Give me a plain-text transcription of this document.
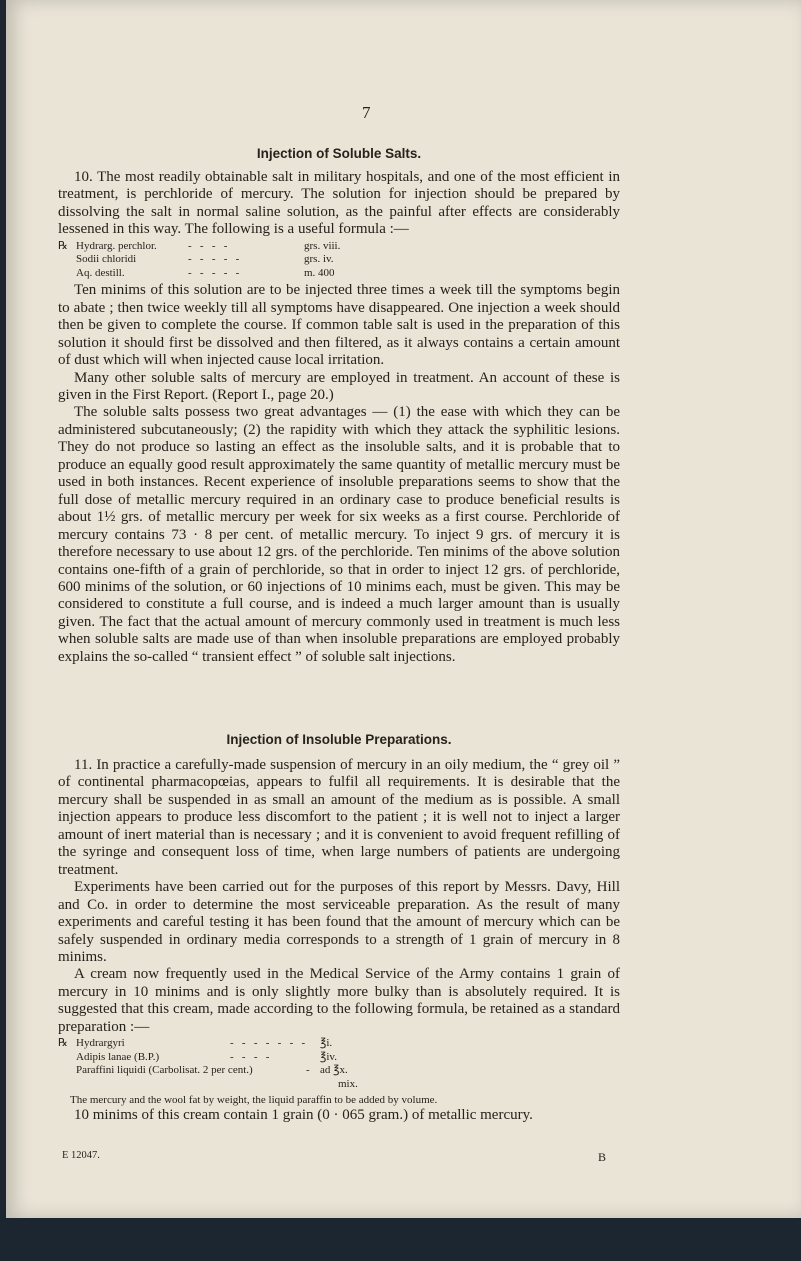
7
Injection of Soluble Salts.

10. The most readily obtainable salt in military hospitals, and one of the most efficient in treatment, is perchloride of mercury. The solution for injection should be prepared by dissolving the salt in normal saline solution, as the painful after effects are considerably lessened in this way. The following is a useful formula :—

℞ Hydrarg. perchlor.	-   -   -   -	grs. viii.
Sodii chloridi	-   -   -   -   -	grs. iv.
Aq. destill.	-   -   -   -   -	m. 400

Ten minims of this solution are to be injected three times a week till the symptoms begin to abate ; then twice weekly till all symptoms have disappeared. One injection a week should then be given to complete the course. If common table salt is used in the preparation of this solution it should first be dissolved and then filtered, as it always contains a certain amount of dust which will when injected cause local irritation.

Many other soluble salts of mercury are employed in treatment. An account of these is given in the First Report. (Report I., page 20.)

The soluble salts possess two great advantages — (1) the ease with which they can be administered subcutaneously; (2) the rapidity with which they attack the syphilitic lesions. They do not produce so lasting an effect as the insoluble salts, and it is probable that to produce an equally good result approximately the same quantity of metallic mercury must be used in both instances. Recent experience of insoluble preparations seems to show that the full dose of metallic mercury required in an ordinary case to produce beneficial results is about 1½ grs. of metallic mercury per week for six weeks as a first course. Perchloride of mercury contains 73 · 8 per cent. of metallic mercury. To inject 9 grs. of mercury it is therefore necessary to use about 12 grs. of the perchloride. Ten minims of the above solution contains one-fifth of a grain of perchloride, so that in order to inject 12 grs. of perchloride, 600 minims of the solution, or 60 injections of 10 minims each, must be given. This may be considered to constitute a full course, and is indeed a much larger amount than is usually given. The fact that the actual amount of mercury commonly used in treatment is much less when soluble salts are made use of than when insoluble preparations are employed probably explains the so-called “ transient effect ” of soluble salt injections.

Injection of Insoluble Preparations.

11. In practice a carefully-made suspension of mercury in an oily medium, the “ grey oil ” of continental pharmacopœias, appears to fulfil all requirements. It is desirable that the mercury shall be suspended in as small an amount of the medium as is possible. A small injection appears to produce less discomfort to the patient ; it is well not to inject a larger amount of inert material than is necessary ; and it is convenient to avoid frequent refilling of the syringe and consequent loss of time, when large numbers of patients are undergoing treatment.

Experiments have been carried out for the purposes of this report by Messrs. Davy, Hill and Co. in order to determine the most serviceable preparation. As the result of many experiments and careful testing it has been found that the amount of mercury which can be safely suspended in ordinary media corresponds to a strength of 1 grain of mercury in 8 minims.

A cream now frequently used in the Medical Service of the Army contains 1 grain of mercury in 10 minims and is only slightly more bulky than is absolutely required. It is suggested that this cream, made according to the following formula, be retained as a standard preparation :—

℞ Hydrargyri	-   -   -   -   -   -   -	℥i.
Adipis lanae (B.P.)	-   -   -   -	℥iv.
Paraffini liquidi (Carbolisat. 2 per cent.)	- ad ℥x.
mix.

The mercury and the wool fat by weight, the liquid paraffin to be added by volume.

10 minims of this cream contain 1 grain (0 · 065 gram.) of metallic mercury.

E 12047.	B
